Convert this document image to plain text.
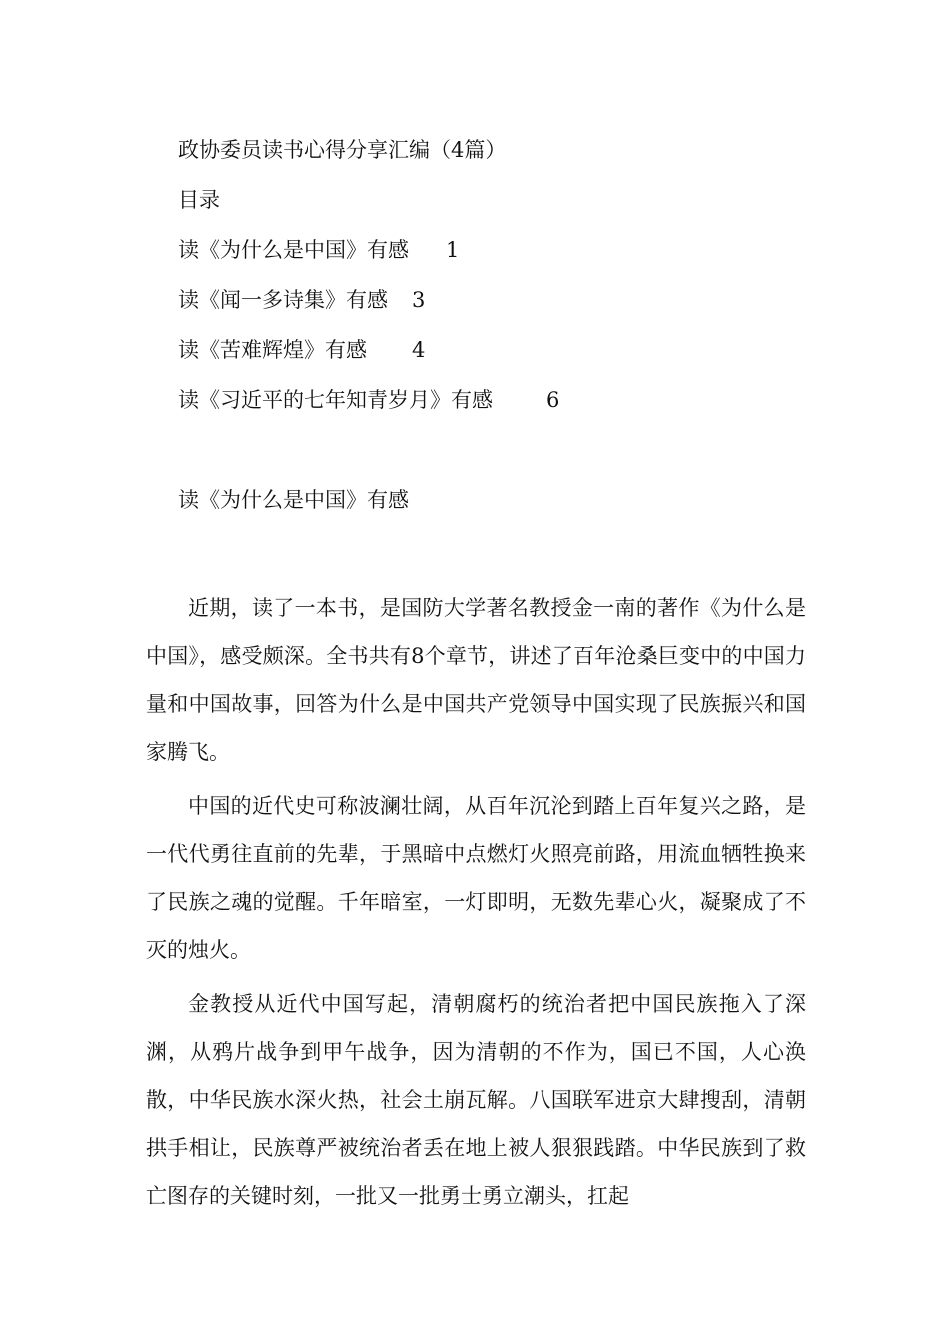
政协委员读书心得分享汇编（4篇）
目录
读《为什么是中国》有感 1
读《闻一多诗集》有感 3
读《苦难辉煌》有感 4
读《习近平的七年知青岁月》有感	6
读《为什么是中国》有感

近期，读了一本书，是国防大学著名教授金一南的著作《为什么是中国》，感受颇深。全书共有8个章节，讲述了百年沧桑巨变中的中国力量和中国故事，回答为什么是中国共产党领导中国实现了民族振兴和国家腾飞。

中国的近代史可称波澜壮阔，从百年沉沦到踏上百年复兴之路，是一代代勇往直前的先辈，于黑暗中点燃灯火照亮前路，用流血牺牲换来了民族之魂的觉醒。千年暗室，一灯即明，无数先辈心火，凝聚成了不灭的烛火。

金教授从近代中国写起，清朝腐朽的统治者把中国民族拖入了深渊，从鸦片战争到甲午战争，因为清朝的不作为，国已不国，人心涣散，中华民族水深火热，社会土崩瓦解。八国联军进京大肆搜刮，清朝拱手相让，民族尊严被统治者丢在地上被人狠狠践踏。中华民族到了救亡图存的关键时刻，一批又一批勇士勇立潮头，扛起
